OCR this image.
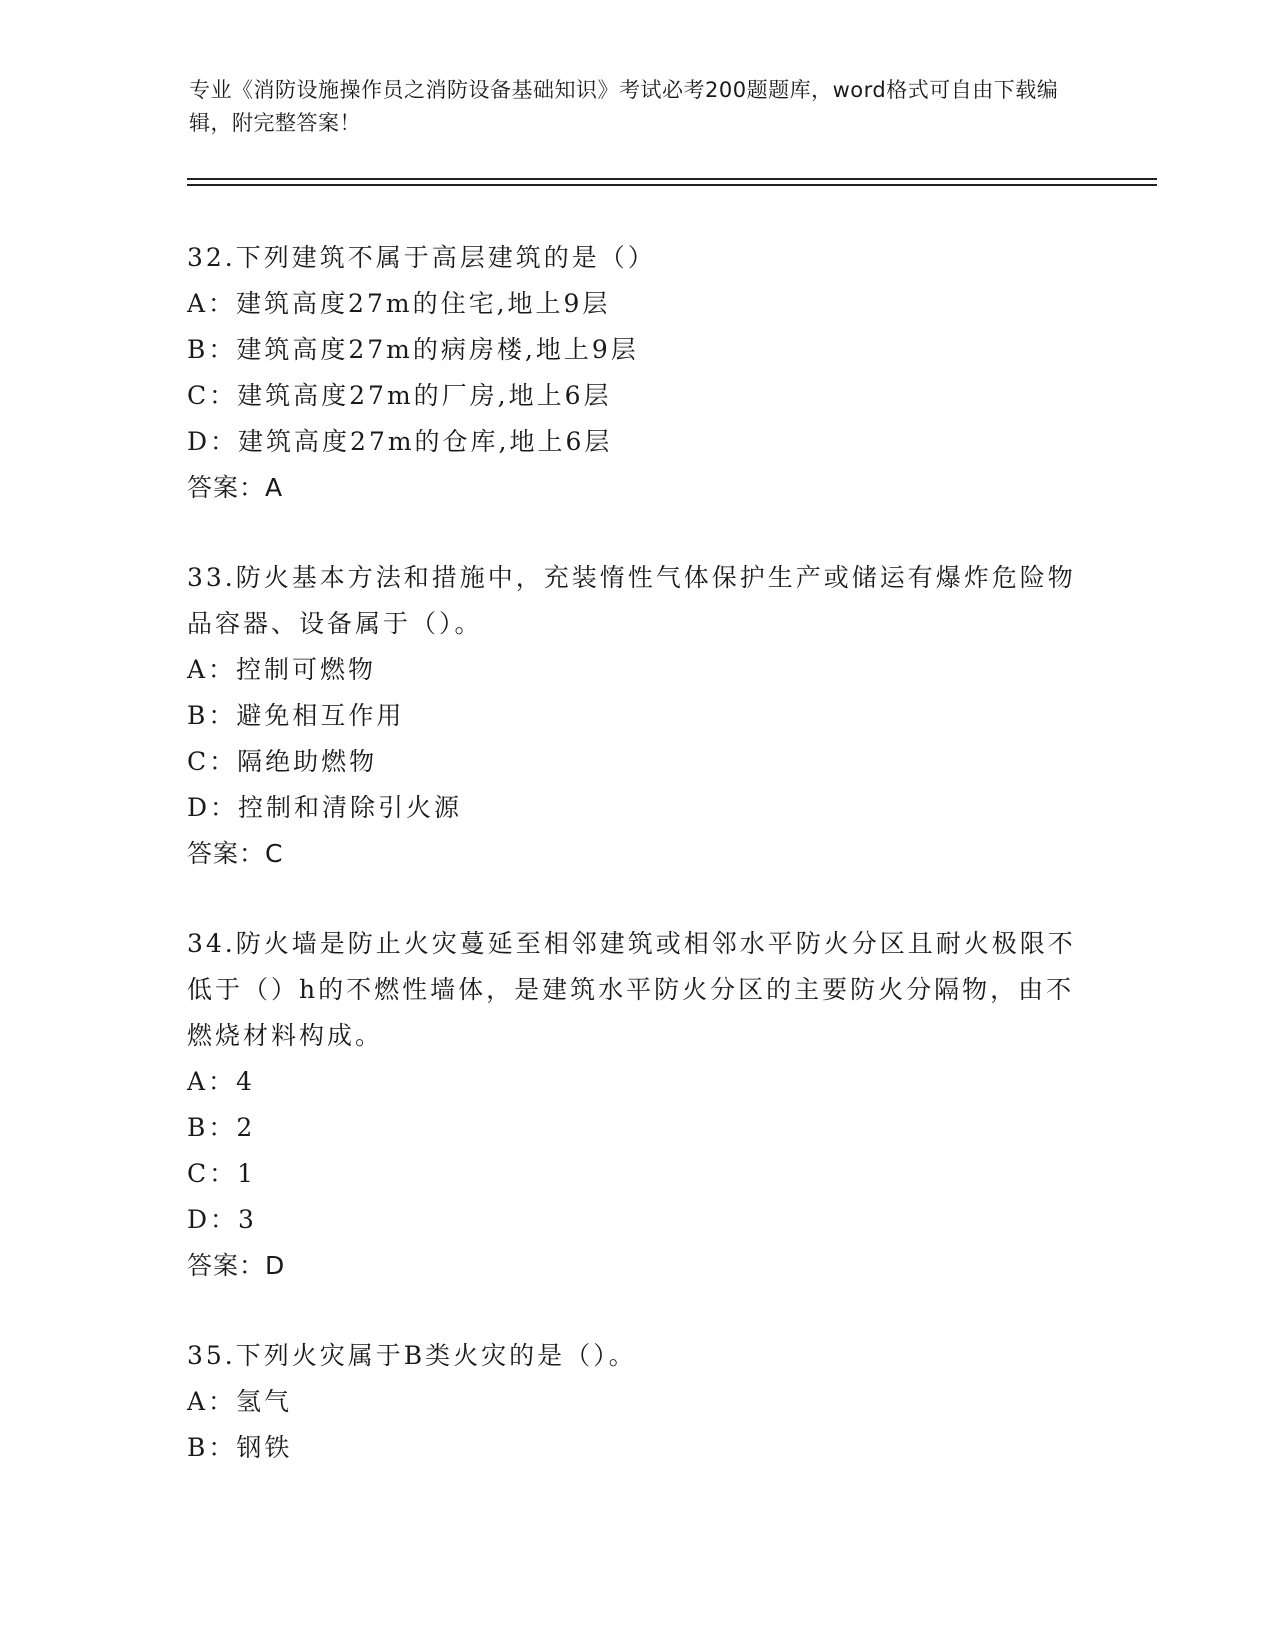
专业《消防设施操作员之消防设备基础知识》考试必考200题题库，word格式可自由下载编辑，附完整答案！
32.下列建筑不属于高层建筑的是（）
A：建筑高度27m的住宅,地上9层
B：建筑高度27m的病房楼,地上9层
C：建筑高度27m的厂房,地上6层
D：建筑高度27m的仓库,地上6层
答案：A
33.防火基本方法和措施中，充装惰性气体保护生产或储运有爆炸危险物品容器、设备属于（）。
A：控制可燃物
B：避免相互作用
C：隔绝助燃物
D：控制和清除引火源
答案：C
34.防火墙是防止火灾蔓延至相邻建筑或相邻水平防火分区且耐火极限不低于（）h的不燃性墙体，是建筑水平防火分区的主要防火分隔物，由不燃烧材料构成。
A：4
B：2
C：1
D：3
答案：D
35.下列火灾属于B类火灾的是（）。
A：氢气
B：钢铁
